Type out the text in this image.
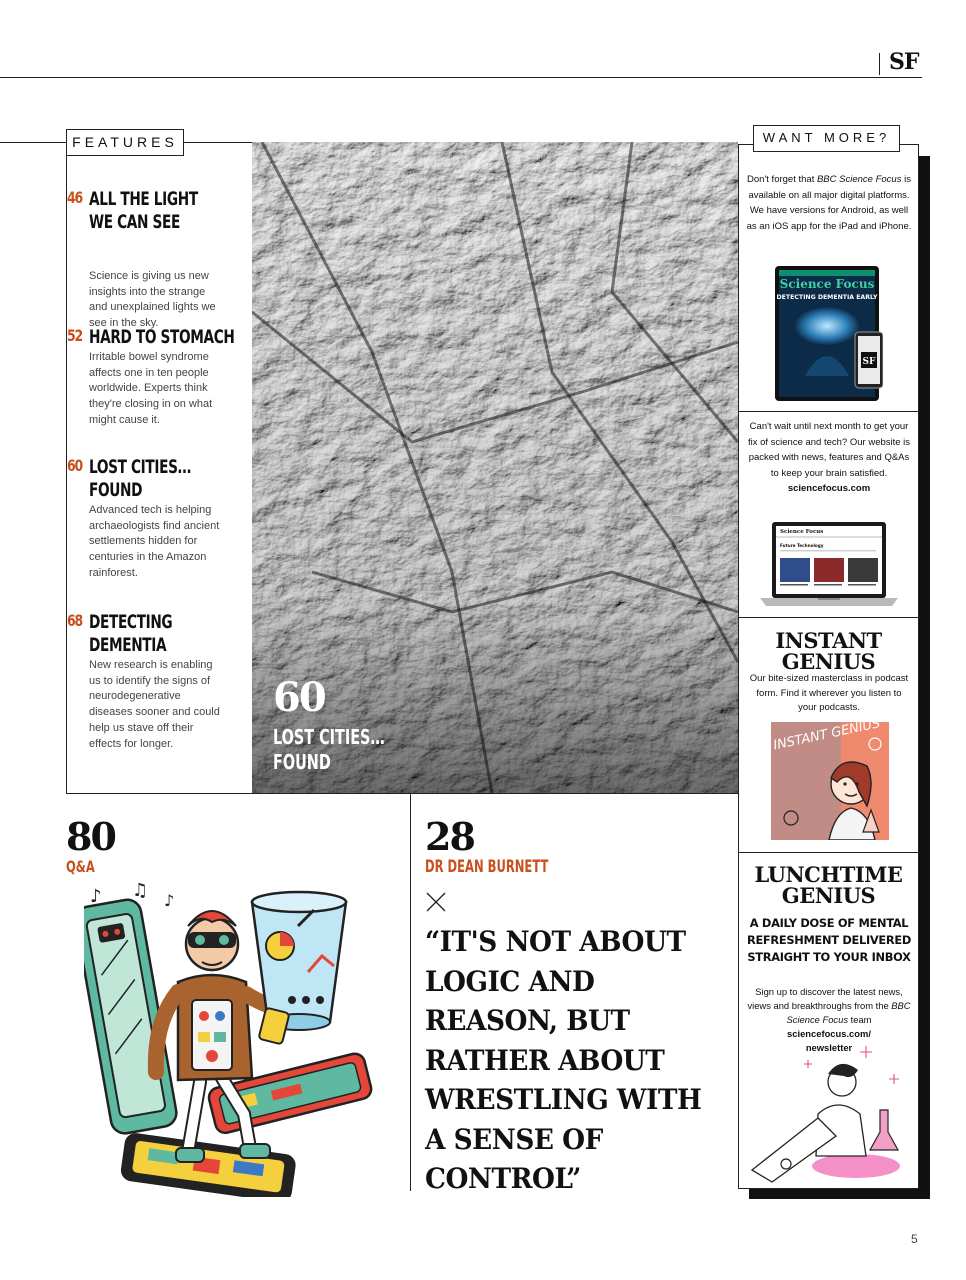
SF
FEATURES
46 ALL THE LIGHT
WE CAN SEE
Science is giving us new insights into the strange and unexplained lights we see in the sky.
52 HARD TO STOMACH
Irritable bowel syndrome affects one in ten people worldwide. Experts think they're closing in on what might cause it.
60 LOST CITIES…
FOUND
Advanced tech is helping archaeologists find ancient settlements hidden for centuries in the Amazon rainforest.
68 DETECTING
DEMENTIA
New research is enabling us to identify the signs of neurodegenerative diseases sooner and could help us stave off their effects for longer.
60
LOST CITIES…
FOUND
WANT MORE?
Don't forget that BBC Science Focus is available on all major digital platforms. We have versions for Android, as well as an iOS app for the iPad and iPhone.
Science Focus
DETECTING DEMENTIA EARLY
SF
Can't wait until next month to get your fix of science and tech? Our website is packed with news, features and Q&As to keep your brain satisfied.
sciencefocus.com
Science Focus
Future Technology
INSTANT
GENIUS
Our bite-sized masterclass in podcast form. Find it wherever you listen to your podcasts.
INSTANT GENIUS
LUNCHTIME
GENIUS
A DAILY DOSE OF MENTAL REFRESHMENT DELIVERED STRAIGHT TO YOUR INBOX
Sign up to discover the latest news, views and breakthroughs from the BBC Science Focus team
sciencefocus.com/
newsletter
80
Q&A
♪ ♫ ♪
28
DR DEAN BURNETT
“IT'S NOT ABOUT LOGIC AND REASON, BUT RATHER ABOUT WRESTLING WITH A SENSE OF CONTROL”
5
